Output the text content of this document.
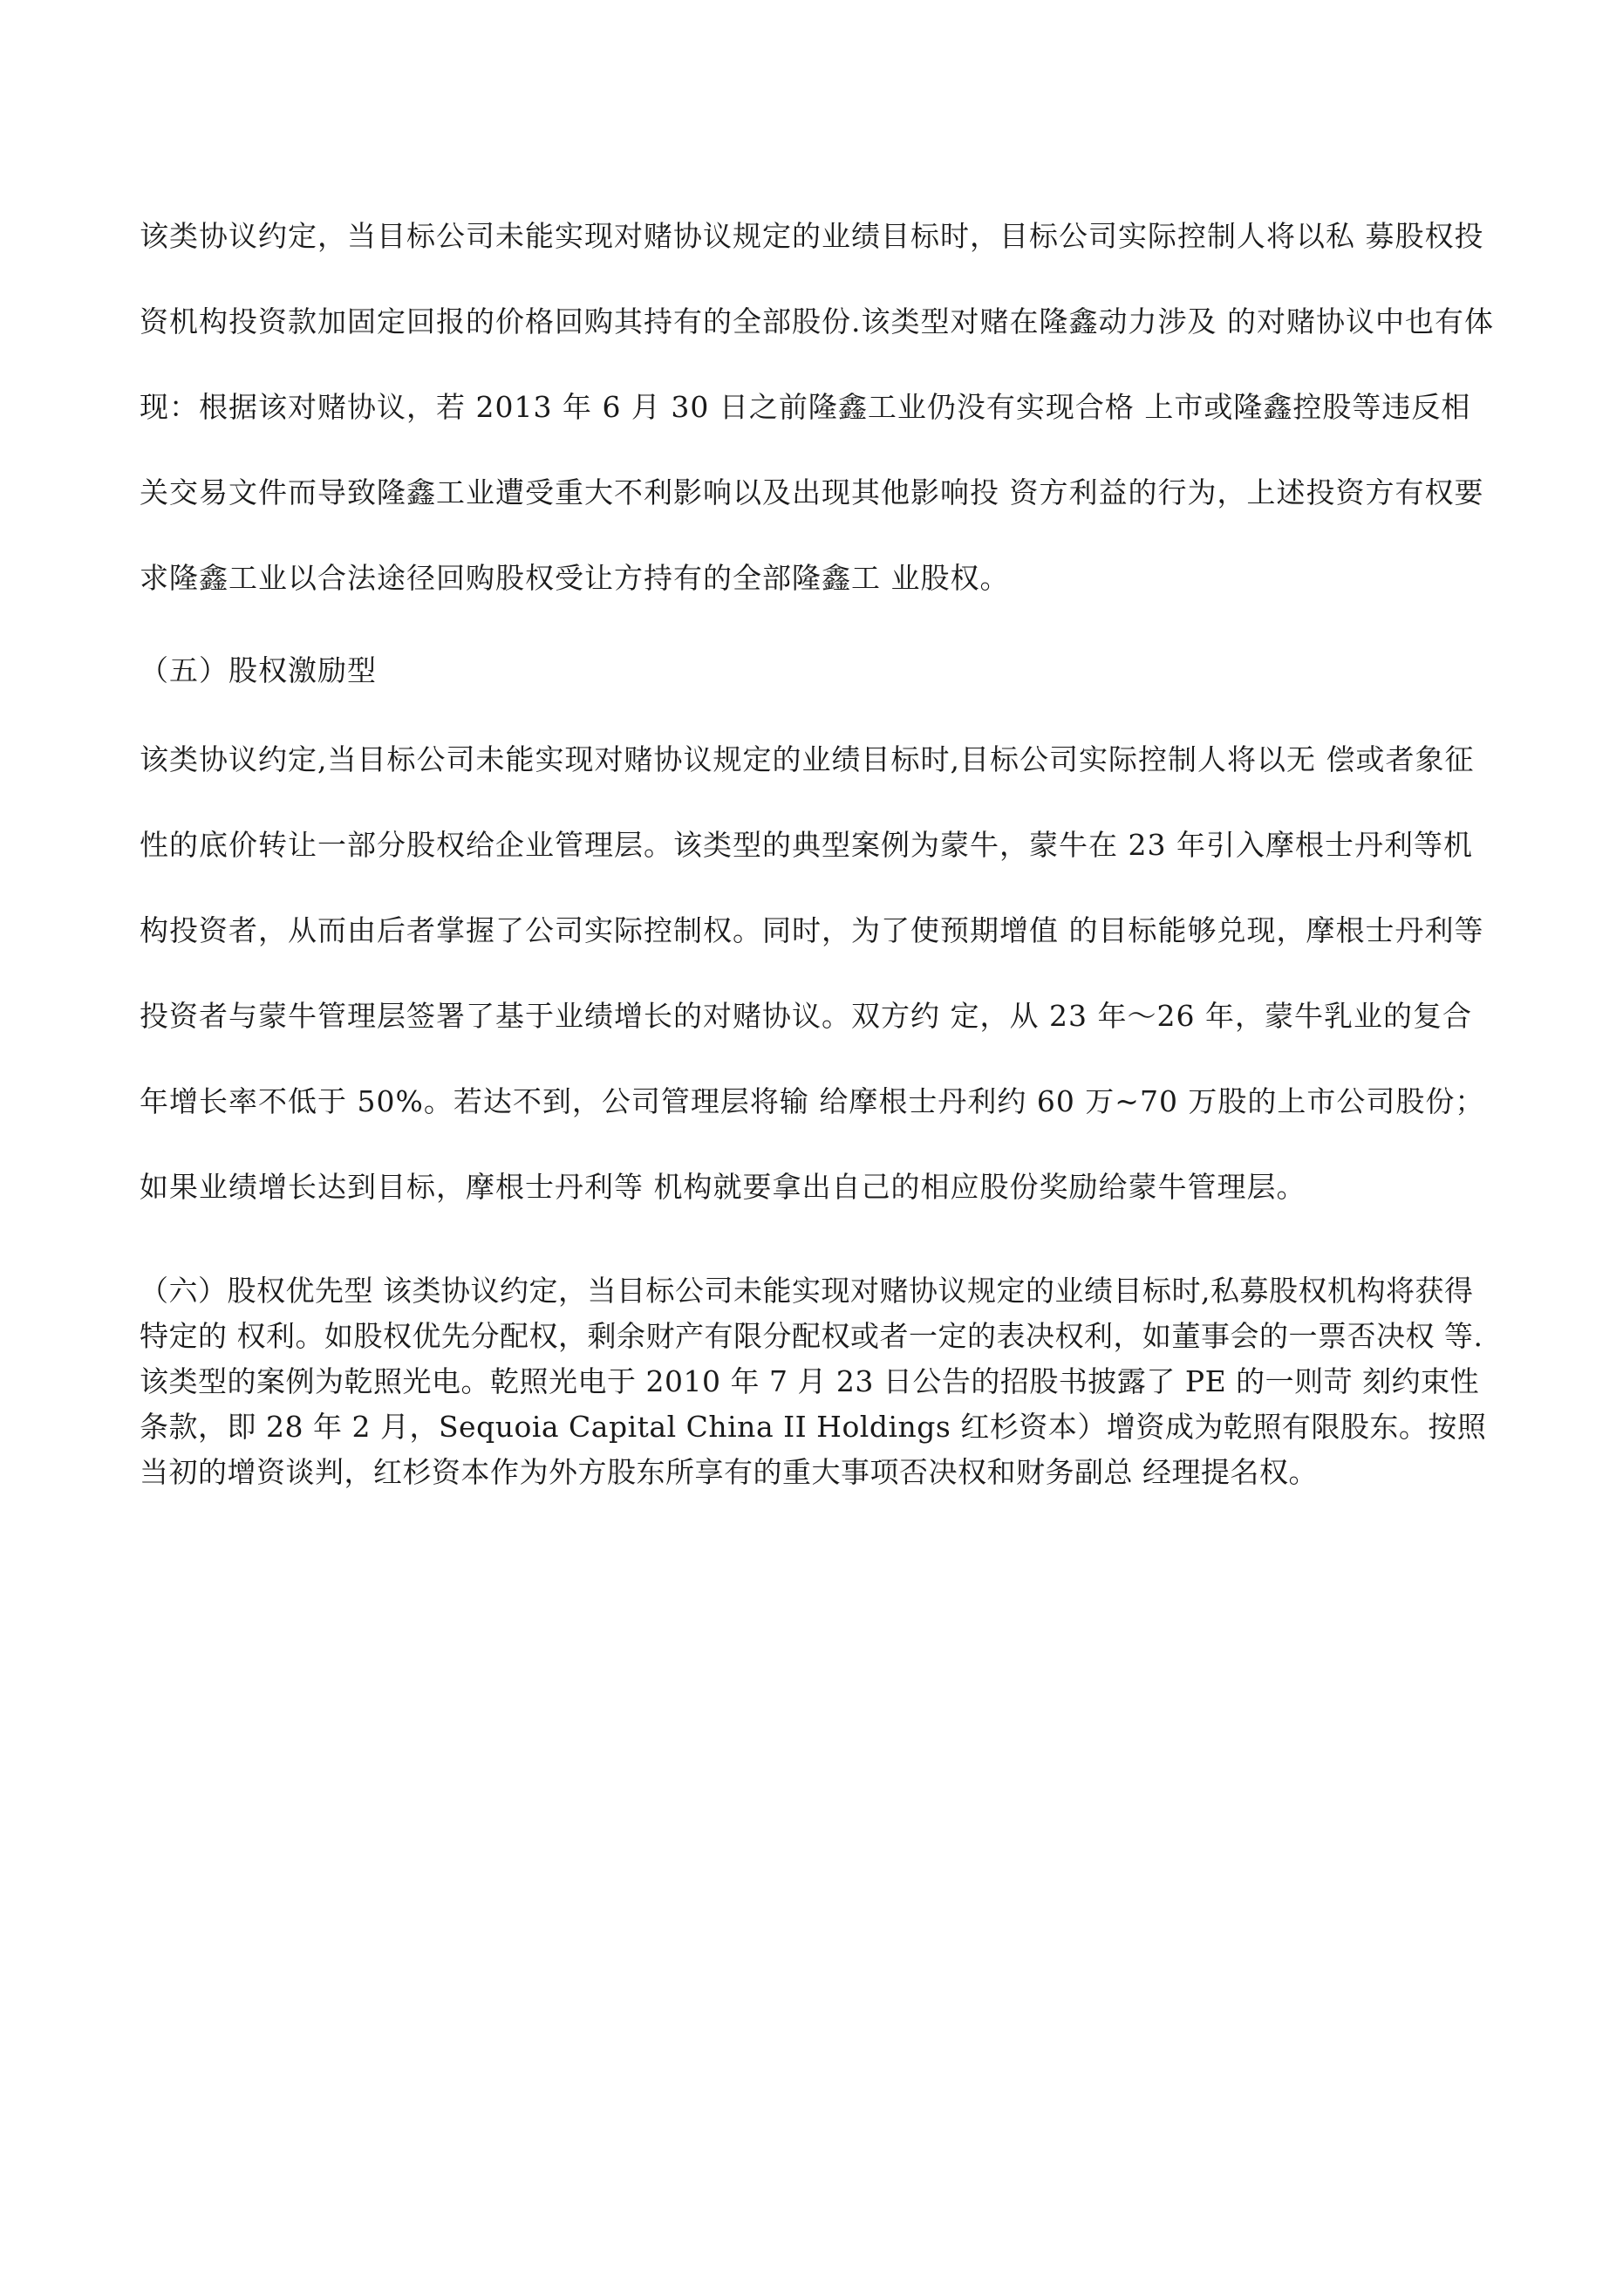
该类协议约定，当目标公司未能实现对赌协议规定的业绩目标时，目标公司实际控制人将以私 募股权投资机构投资款加固定回报的价格回购其持有的全部股份.该类型对赌在隆鑫动力涉及 的对赌协议中也有体现：根据该对赌协议，若 2013 年 6 月 30 日之前隆鑫工业仍没有实现合格 上市或隆鑫控股等违反相关交易文件而导致隆鑫工业遭受重大不利影响以及出现其他影响投 资方利益的行为，上述投资方有权要求隆鑫工业以合法途径回购股权受让方持有的全部隆鑫工 业股权。

（五）股权激励型

该类协议约定,当目标公司未能实现对赌协议规定的业绩目标时,目标公司实际控制人将以无 偿或者象征性的底价转让一部分股权给企业管理层。该类型的典型案例为蒙牛，蒙牛在 23 年引入摩根士丹利等机构投资者，从而由后者掌握了公司实际控制权。同时，为了使预期增值 的目标能够兑现，摩根士丹利等投资者与蒙牛管理层签署了基于业绩增长的对赌协议。双方约 定，从 23 年〜26 年，蒙牛乳业的复合年增长率不低于 50%。若达不到，公司管理层将输 给摩根士丹利约 60 万~70 万股的上市公司股份；如果业绩增长达到目标，摩根士丹利等 机构就要拿出自己的相应股份奖励给蒙牛管理层。

（六）股权优先型 该类协议约定，当目标公司未能实现对赌协议规定的业绩目标时,私募股权机构将获得特定的 权利。如股权优先分配权，剩余财产有限分配权或者一定的表决权利，如董事会的一票否决权 等.该类型的案例为乾照光电。乾照光电于 2010 年 7 月 23 日公告的招股书披露了 PE 的一则苛 刻约束性条款，即 28 年 2 月，Sequoia Capital China II Holdings 红杉资本）增资成为乾照有限股东。按照当初的增资谈判，红杉资本作为外方股东所享有的重大事项否决权和财务副总 经理提名权。
